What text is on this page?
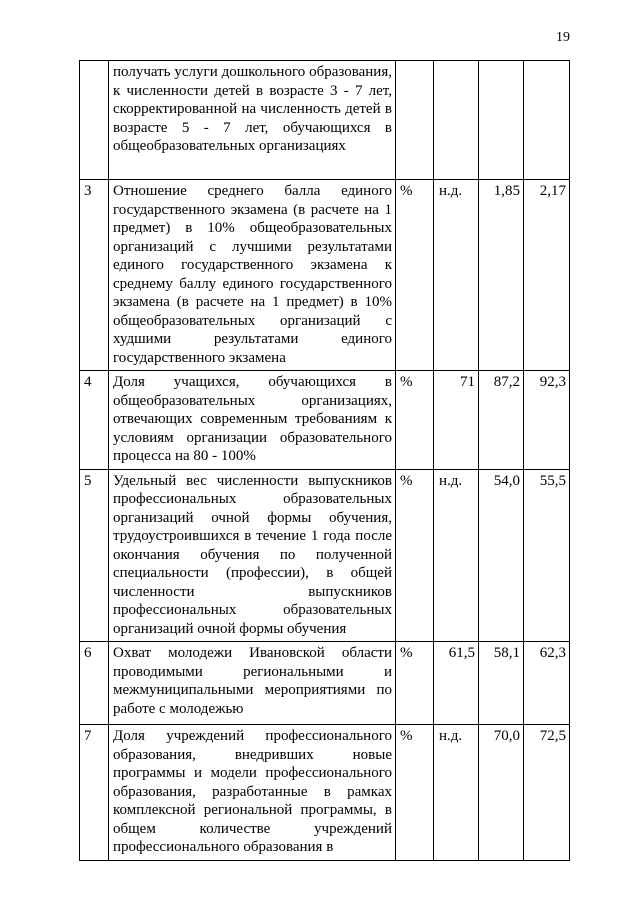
19
	получать услуги дошкольного образования, к численности детей в возрасте 3 - 7 лет, скорректированной на численность детей в возрасте 5 - 7 лет, обучающихся в общеобразовательных организациях				
3	Отношение среднего балла единого государственного экзамена (в расчете на 1 предмет) в 10% общеобразовательных организаций с лучшими результатами единого государственного экзамена к среднему баллу единого государственного экзамена (в расчете на 1 предмет) в 10% общеобразовательных организаций с худшими результатами единого государственного экзамена	%	н.д.	1,85	2,17
4	Доля учащихся, обучающихся в общеобразовательных организациях, отвечающих современным требованиям к условиям организации образовательного процесса на 80 - 100%	%	71	87,2	92,3
5	Удельный вес численности выпускников профессиональных образовательных организаций очной формы обучения, трудоустроившихся в течение 1 года после окончания обучения по полученной специальности (профессии), в общей численности выпускников профессиональных образовательных организаций очной формы обучения	%	н.д.	54,0	55,5
6	Охват молодежи Ивановской области проводимыми региональными и межмуниципальными мероприятиями по работе с молодежью	%	61,5	58,1	62,3
7	Доля учреждений профессионального образования, внедривших новые программы и модели профессионального образования, разработанные в рамках комплексной региональной программы, в общем количестве учреждений профессионального образования в	%	н.д.	70,0	72,5
